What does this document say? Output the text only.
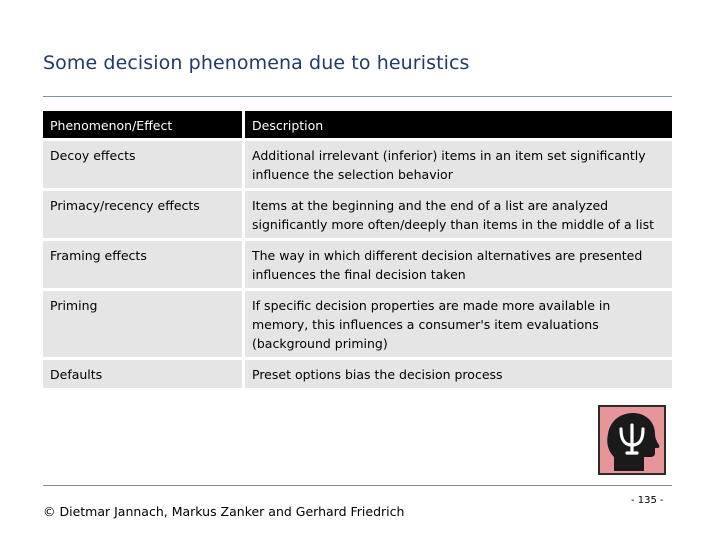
Some decision phenomena due to heuristics
Phenomenon/Effect	Description
Decoy effects	Additional irrelevant (inferior) items in an item set significantly influence the selection behavior
Primacy/recency effects	Items at the beginning and the end of a list are analyzed significantly more often/deeply than items in the middle of a list
Framing effects	The way in which different decision alternatives are presented influences the final decision taken
Priming	If specific decision properties are made more available in memory, this influences a consumer's item evaluations (background priming)
Defaults	Preset options bias the decision process
© Dietmar Jannach, Markus Zanker and Gerhard Friedrich
- 135 -
